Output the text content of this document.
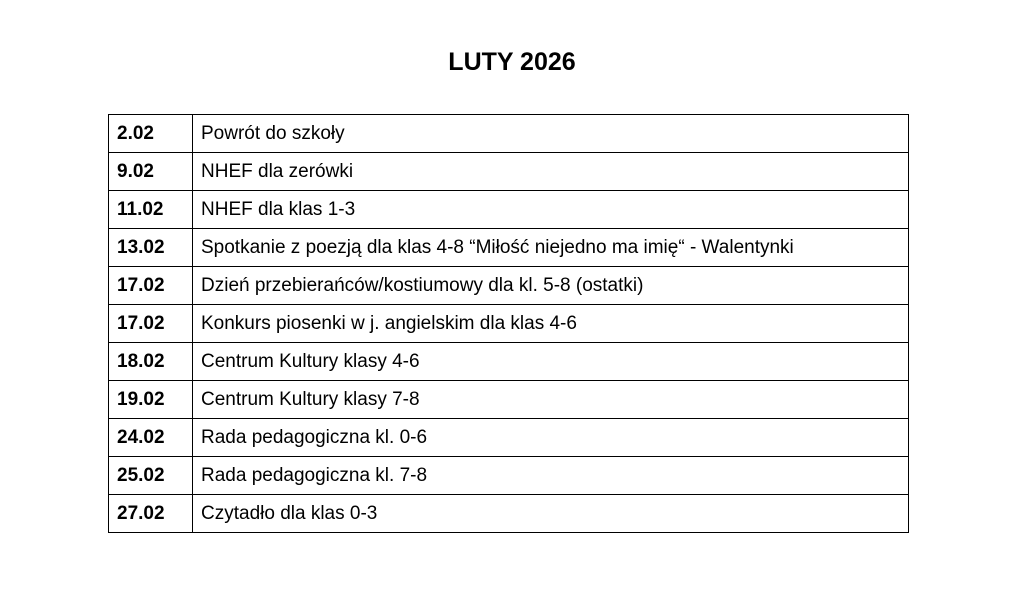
LUTY 2026
2.02	Powrót do szkoły
9.02	NHEF dla zerówki
11.02	NHEF dla klas 1-3
13.02	Spotkanie z poezją dla klas 4-8 “Miłość niejedno ma imię“ - Walentynki
17.02	Dzień przebierańców/kostiumowy dla kl. 5-8 (ostatki)
17.02	Konkurs piosenki w j. angielskim dla klas 4-6
18.02	Centrum Kultury klasy 4-6
19.02	Centrum Kultury klasy 7-8
24.02	Rada pedagogiczna kl. 0-6
25.02	Rada pedagogiczna kl. 7-8
27.02	Czytadło dla klas 0-3
